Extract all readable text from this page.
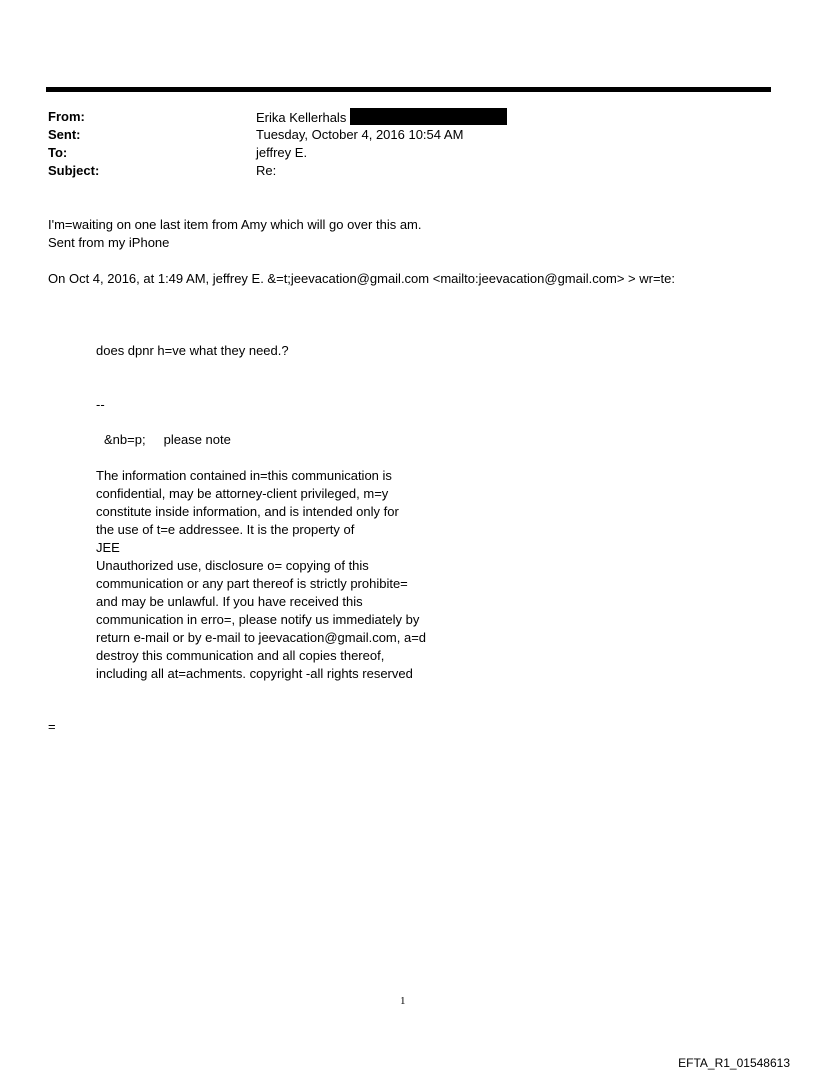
From:	Erika Kellerhals
Sent:	Tuesday, October 4, 2016 10:54 AM
To:	jeffrey E.
Subject:	Re:
I'm=waiting on one last item from Amy which will go over this am.
Sent from my iPhone
On Oct 4, 2016, at 1:49 AM, jeffrey E. &=t;jeevacation@gmail.com <mailto:jeevacation@gmail.com> > wr=te:
does dpnr h=ve what they need.?
--
&nb=p;     please note
The information contained in=this communication is
confidential, may be attorney-client privileged, m=y
constitute inside information, and is intended only for
the use of t=e addressee. It is the property of
JEE
Unauthorized use, disclosure o= copying of this
communication or any part thereof is strictly prohibite=
and may be unlawful. If you have received this
communication in erro=, please notify us immediately by
return e-mail or by e-mail to jeevacation@gmail.com, a=d
destroy this communication and all copies thereof,
including all at=achments. copyright -all rights reserved
=
1
EFTA_R1_01548613
